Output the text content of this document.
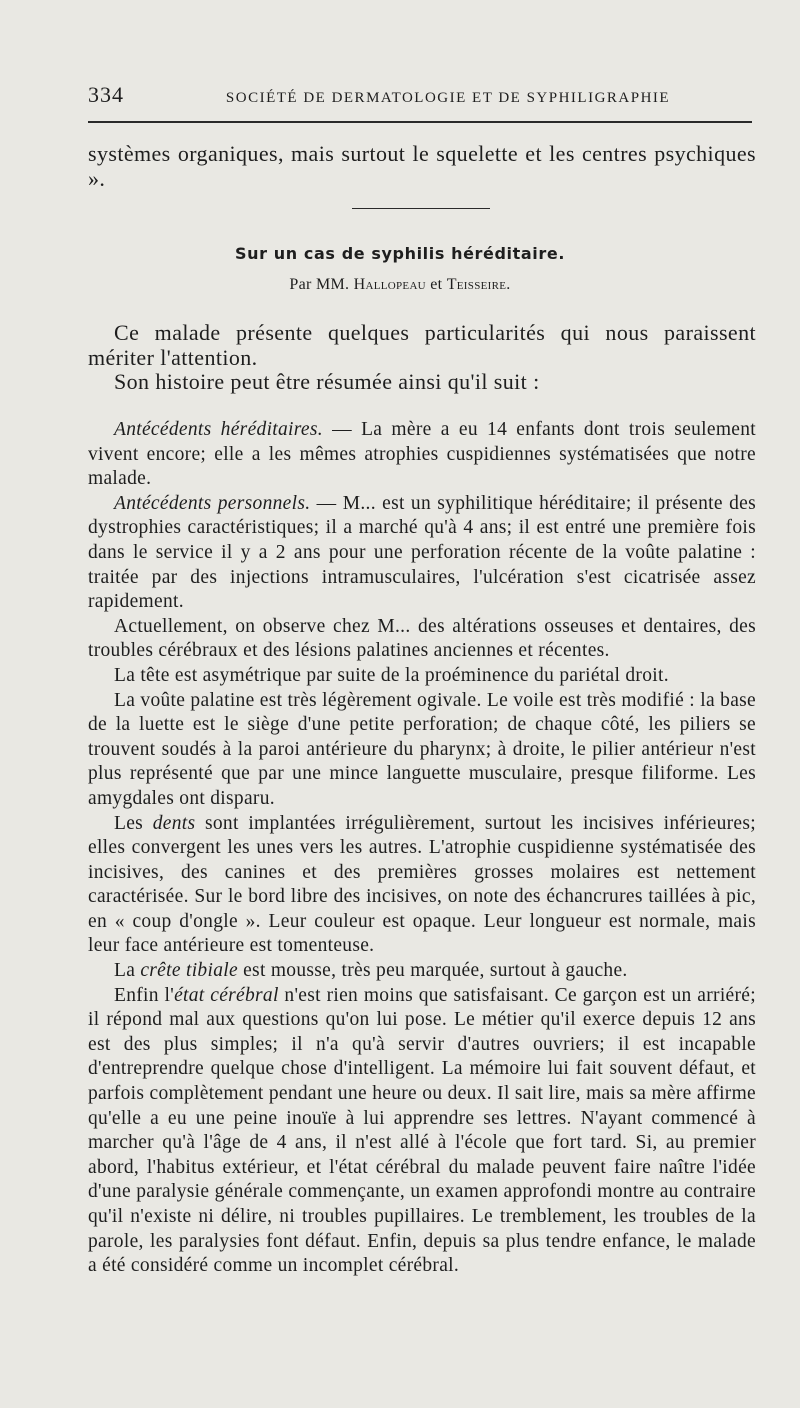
334	SOCIÉTÉ DE DERMATOLOGIE ET DE SYPHILIGRAPHIE

systèmes organiques, mais surtout le squelette et les centres psychiques ».

Sur un cas de syphilis héréditaire.
Par MM. Hallopeau et Teisseire.

Ce malade présente quelques particularités qui nous paraissent mériter l'attention.

Son histoire peut être résumée ainsi qu'il suit :

Antécédents héréditaires. — La mère a eu 14 enfants dont trois seulement vivent encore; elle a les mêmes atrophies cuspidiennes systématisées que notre malade.

Antécédents personnels. — M... est un syphilitique héréditaire; il présente des dystrophies caractéristiques; il a marché qu'à 4 ans; il est entré une première fois dans le service il y a 2 ans pour une perforation récente de la voûte palatine : traitée par des injections intramusculaires, l'ulcération s'est cicatrisée assez rapidement.

Actuellement, on observe chez M... des altérations osseuses et dentaires, des troubles cérébraux et des lésions palatines anciennes et récentes.

La tête est asymétrique par suite de la proéminence du pariétal droit.

La voûte palatine est très légèrement ogivale. Le voile est très modifié : la base de la luette est le siège d'une petite perforation; de chaque côté, les piliers se trouvent soudés à la paroi antérieure du pharynx; à droite, le pilier antérieur n'est plus représenté que par une mince languette musculaire, presque filiforme. Les amygdales ont disparu.

Les dents sont implantées irrégulièrement, surtout les incisives inférieures; elles convergent les unes vers les autres. L'atrophie cuspidienne systématisée des incisives, des canines et des premières grosses molaires est nettement caractérisée. Sur le bord libre des incisives, on note des échancrures taillées à pic, en « coup d'ongle ». Leur couleur est opaque. Leur longueur est normale, mais leur face antérieure est tomenteuse.

La crête tibiale est mousse, très peu marquée, surtout à gauche.

Enfin l'état cérébral n'est rien moins que satisfaisant. Ce garçon est un arriéré; il répond mal aux questions qu'on lui pose. Le métier qu'il exerce depuis 12 ans est des plus simples; il n'a qu'à servir d'autres ouvriers; il est incapable d'entreprendre quelque chose d'intelligent. La mémoire lui fait souvent défaut, et parfois complètement pendant une heure ou deux. Il sait lire, mais sa mère affirme qu'elle a eu une peine inouïe à lui apprendre ses lettres. N'ayant commencé à marcher qu'à l'âge de 4 ans, il n'est allé à l'école que fort tard. Si, au premier abord, l'habitus extérieur, et l'état cérébral du malade peuvent faire naître l'idée d'une paralysie générale commençante, un examen approfondi montre au contraire qu'il n'existe ni délire, ni troubles pupillaires. Le tremblement, les troubles de la parole, les paralysies font défaut. Enfin, depuis sa plus tendre enfance, le malade a été considéré comme un incomplet cérébral.
